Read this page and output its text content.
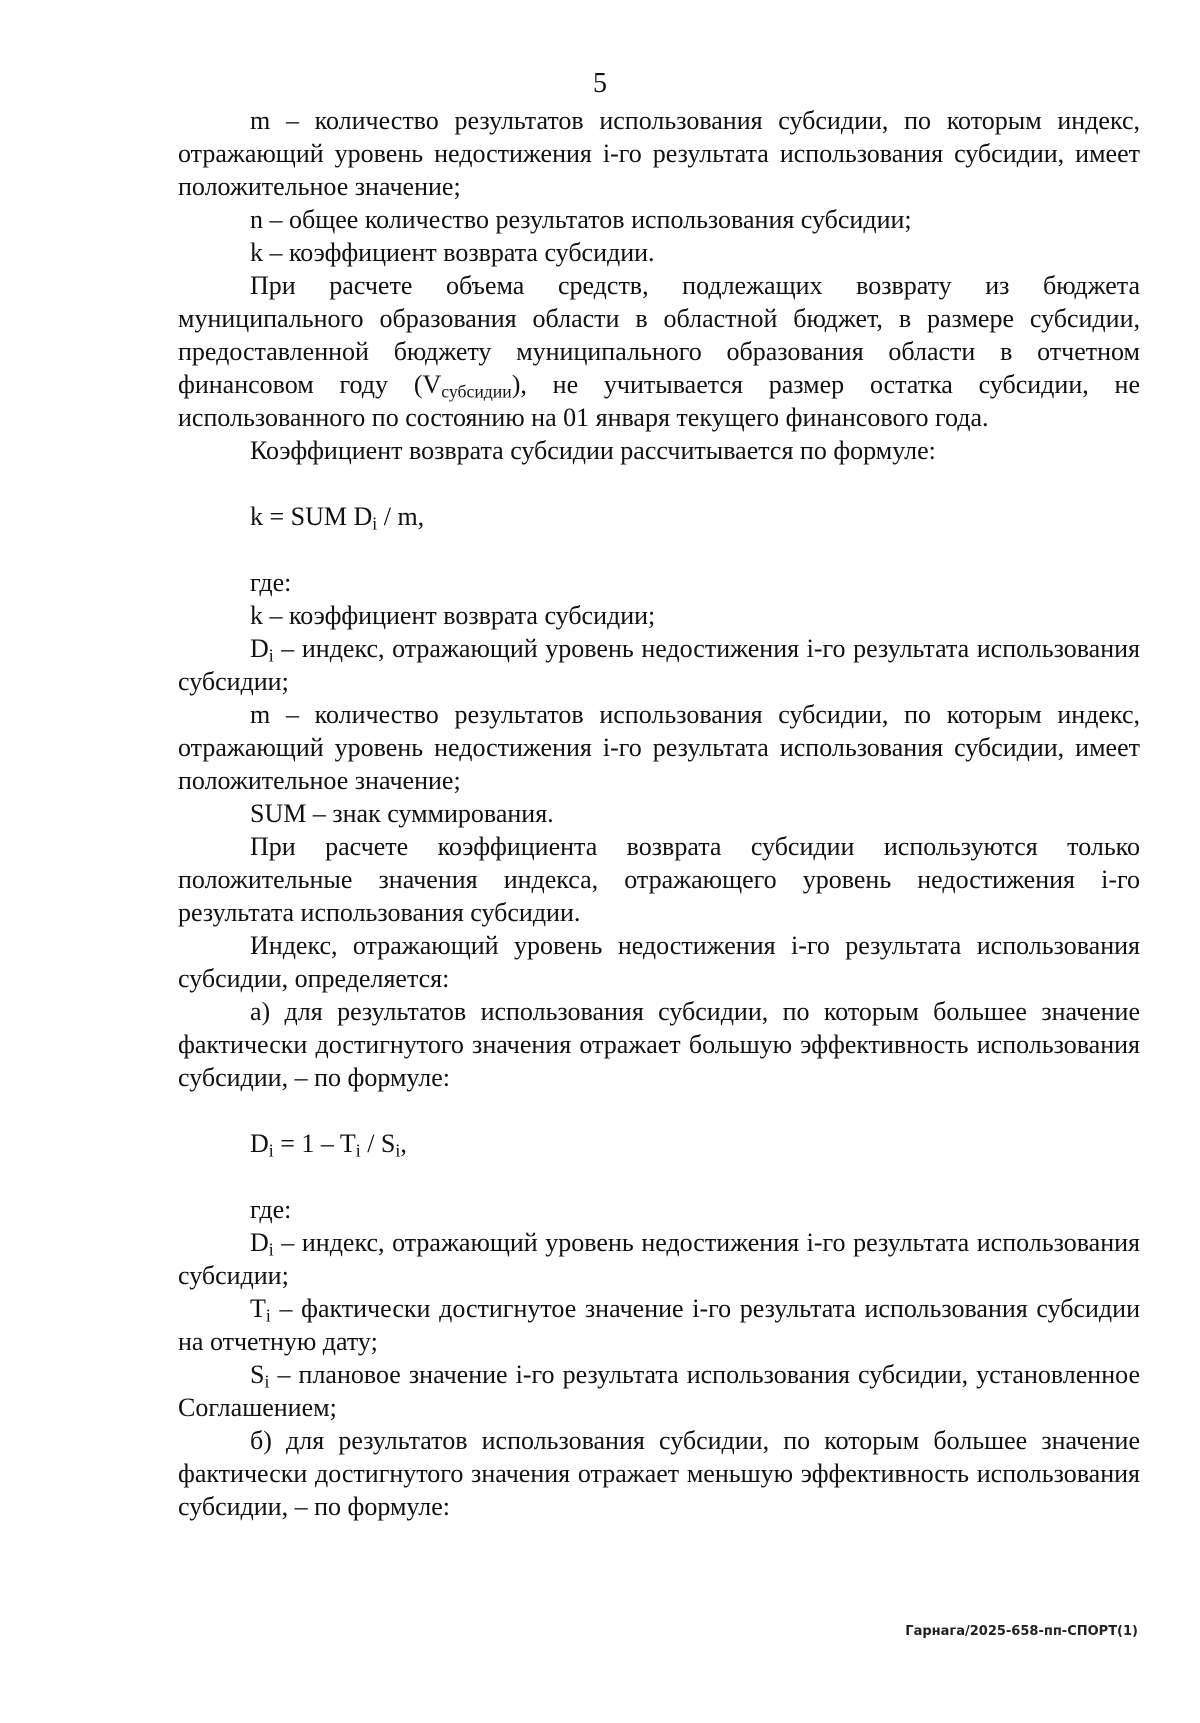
5

m – количество результатов использования субсидии, по которым индекс, отражающий уровень недостижения i-го результата использования субсидии, имеет положительное значение;

n – общее количество результатов использования субсидии;

k – коэффициент возврата субсидии.

При расчете объема средств, подлежащих возврату из бюджета муниципального образования области в областной бюджет, в размере субсидии, предоставленной бюджету муниципального образования области в отчетном финансовом году $(V_{субсидии})$, не учитывается размер остатка субсидии, не использованного по состоянию на 01 января текущего финансового года.

Коэффициент возврата субсидии рассчитывается по формуле:

k = SUM $D_i$ / m,

где:

k – коэффициент возврата субсидии;

$D_i$ – индекс, отражающий уровень недостижения i-го результата использования субсидии;

m – количество результатов использования субсидии, по которым индекс, отражающий уровень недостижения i-го результата использования субсидии, имеет положительное значение;

SUM – знак суммирования.

При расчете коэффициента возврата субсидии используются только положительные значения индекса, отражающего уровень недостижения i-го результата использования субсидии.

Индекс, отражающий уровень недостижения i-го результата использования субсидии, определяется:

а) для результатов использования субсидии, по которым большее значение фактически достигнутого значения отражает большую эффективность использования субсидии, – по формуле:

$D_i = 1 - T_i / S_i$,

где:

$D_i$ – индекс, отражающий уровень недостижения i-го результата использования субсидии;

$T_i$ – фактически достигнутое значение i-го результата использования субсидии на отчетную дату;

$S_i$ – плановое значение i-го результата использования субсидии, установленное Соглашением;

б) для результатов использования субсидии, по которым большее значение фактически достигнутого значения отражает меньшую эффективность использования субсидии, – по формуле:

Гарнага/2025-658-пп-СПОРТ(1)
